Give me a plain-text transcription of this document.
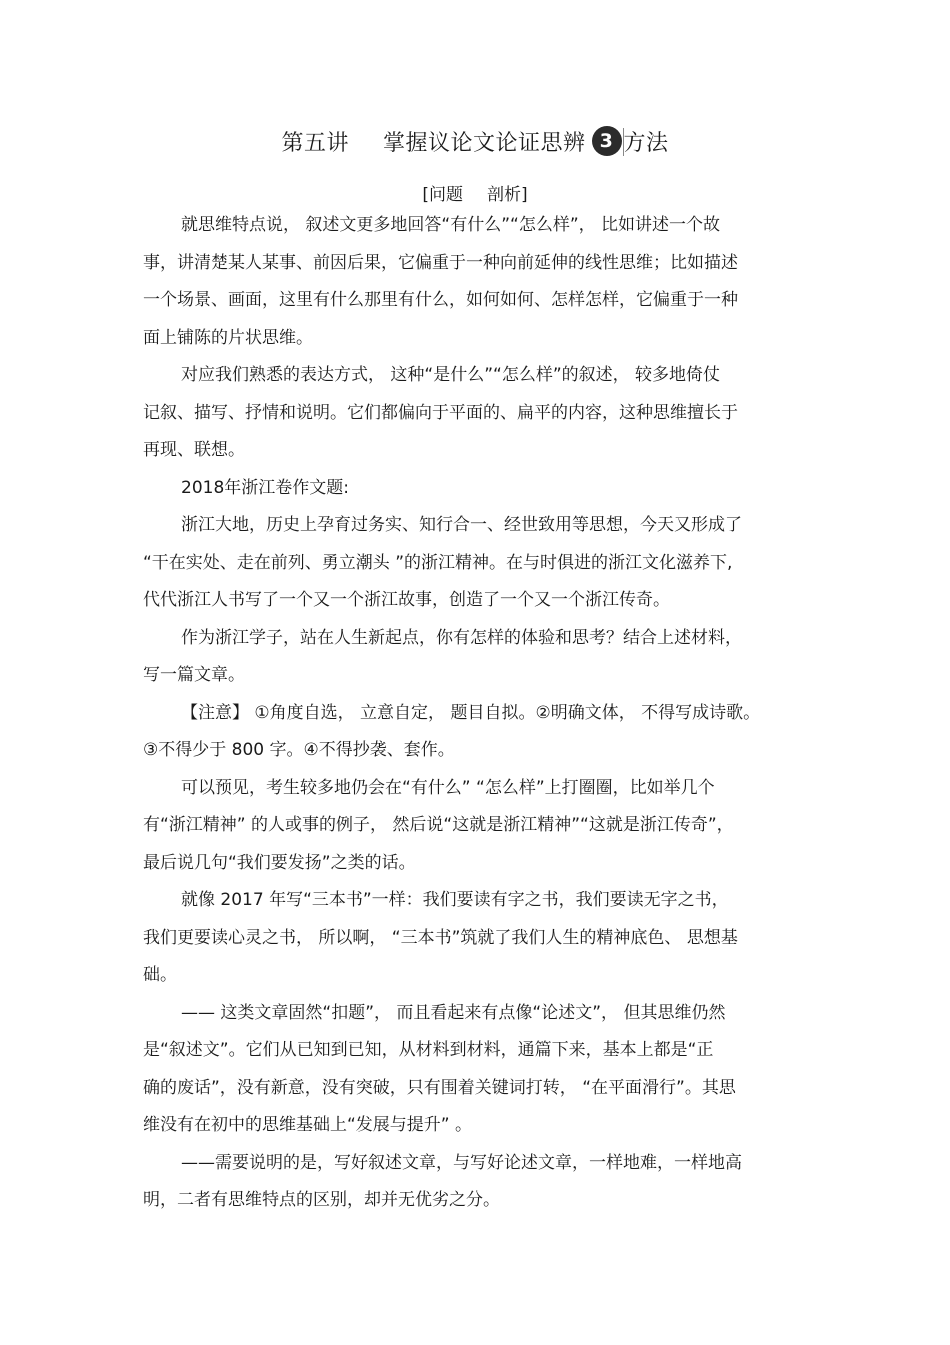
第五讲 掌握议论文论证思辨 3 方法
[问题 剖析]
就思维特点说， 叙述文更多地回答“有什么”“怎么样”， 比如讲述一个故
事，讲清楚某人某事、前因后果，它偏重于一种向前延伸的线性思维；比如描述
一个场景、画面，这里有什么那里有什么，如何如何、怎样怎样，它偏重于一种
面上铺陈的片状思维。
对应我们熟悉的表达方式， 这种“是什么”“怎么样”的叙述， 较多地倚仗
记叙、描写、抒情和说明。它们都偏向于平面的、扁平的内容，这种思维擅长于
再现、联想。
2018年浙江卷作文题:
浙江大地，历史上孕育过务实、知行合一、经世致用等思想，今天又形成了
“干在实处、走在前列、勇立潮头 ”的浙江精神。在与时俱进的浙江文化滋养下,
代代浙江人书写了一个又一个浙江故事，创造了一个又一个浙江传奇。
作为浙江学子，站在人生新起点，你有怎样的体验和思考？结合上述材料，
写一篇文章。
【注意】 ①角度自选， 立意自定， 题目自拟。②明确文体， 不得写成诗歌。
③不得少于 800 字。④不得抄袭、套作。
可以预见，考生较多地仍会在“有什么” “怎么样”上打圈圈，比如举几个
有“浙江精神” 的人或事的例子， 然后说“这就是浙江精神”“这就是浙江传奇”，
最后说几句“我们要发扬”之类的话。
就像 2017 年写“三本书”一样：我们要读有字之书，我们要读无字之书，
我们更要读心灵之书， 所以啊， “三本书”筑就了我们人生的精神底色、 思想基
础。
—— 这类文章固然“扣题”， 而且看起来有点像“论述文”， 但其思维仍然
是“叙述文”。它们从已知到已知，从材料到材料，通篇下来，基本上都是“正
确的废话”，没有新意，没有突破，只有围着关键词打转， “在平面滑行”。其思
维没有在初中的思维基础上“发展与提升” 。
——需要说明的是，写好叙述文章，与写好论述文章，一样地难，一样地高
明，二者有思维特点的区别，却并无优劣之分。
